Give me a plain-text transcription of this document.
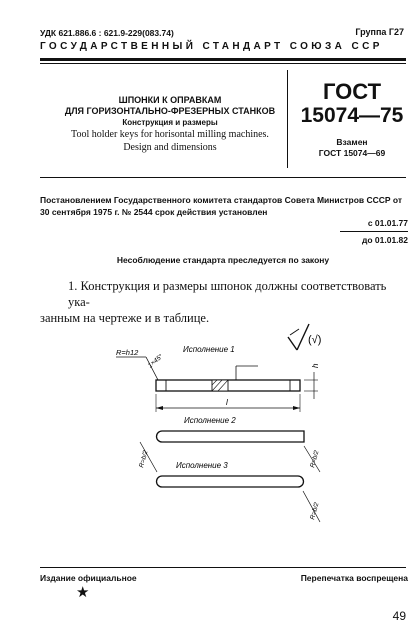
УДК 621.886.6 : 621.9-229(083.74)	Группа Г27
ГОСУДАРСТВЕННЫЙ СТАНДАРТ СОЮЗА ССР
ШПОНКИ К ОПРАВКАМ
ДЛЯ ГОРИЗОНТАЛЬНО-ФРЕЗЕРНЫХ СТАНКОВ
Конструкция и размеры
Tool holder keys for horisontal milling machines.
Design and dimensions
ГОСТ
15074—75
Взамен
ГОСТ 15074—69
Постановлением Государственного комитета стандартов Совета Министров СССР от 30 сентября 1975 г. № 2544 срок действия установлен
с 01.01.77
до 01.01.82
Несоблюдение стандарта преследуется по закону
1. Конструкция и размеры шпонок должны соответствовать ука-
занным на чертеже и в таблице.
(√)
Исполнение 1
R=h12
1×45°	h
l
Исполнение 2
R=b/2
Исполнение 3
R=b/2
R=b/2
Издание официальное	Перепечатка воспрещена
★
49
